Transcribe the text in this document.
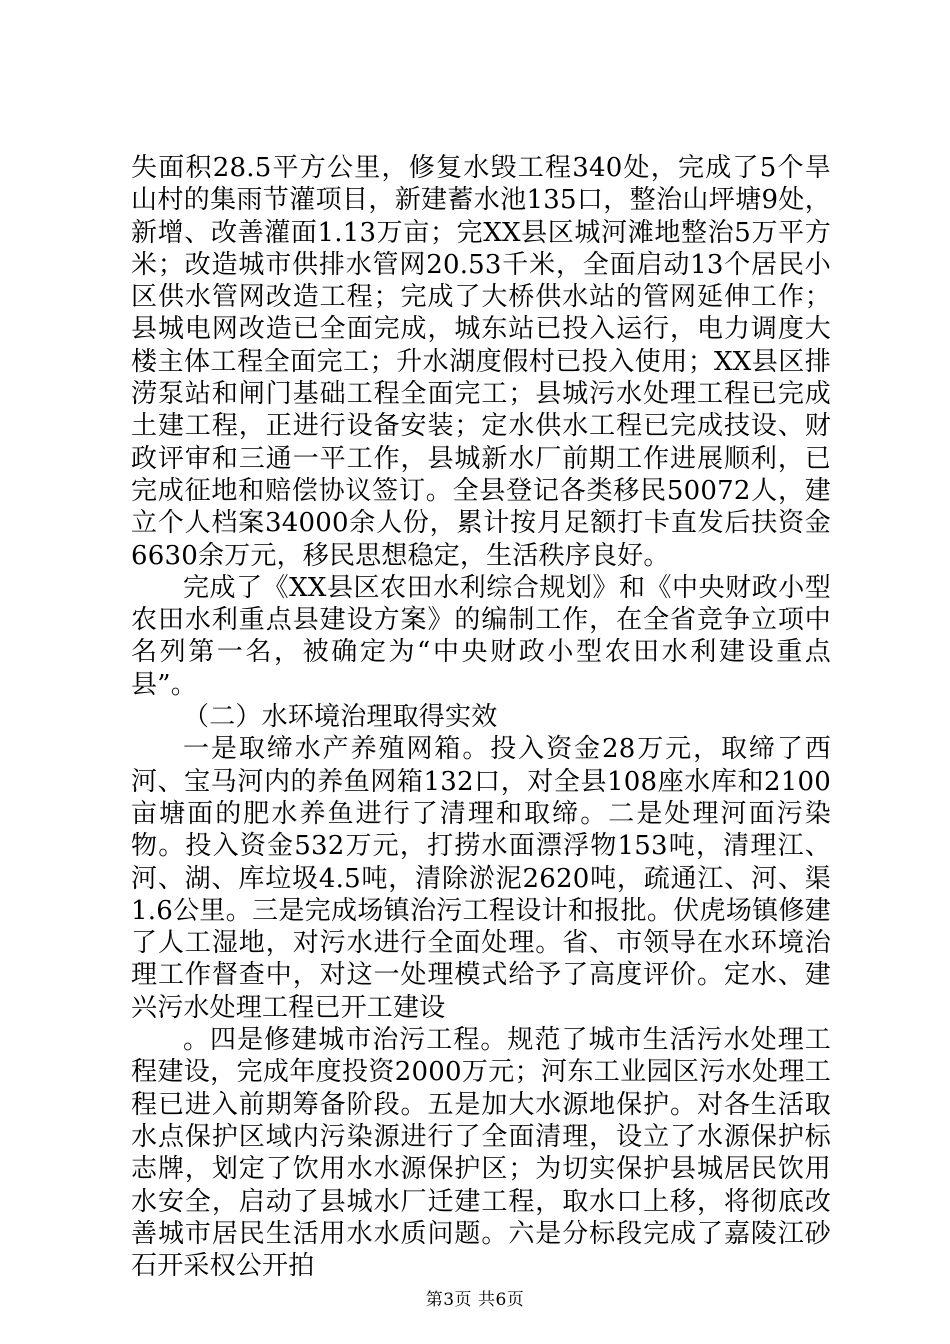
失面积28.5平方公里，修复水毁工程340处，完成了5个旱山村的集雨节灌项目，新建蓄水池135口，整治山坪塘9处，新增、改善灌面1.13万亩；完XX县区城河滩地整治5万平方米；改造城市供排水管网20.53千米，全面启动13个居民小区供水管网改造工程；完成了大桥供水站的管网延伸工作；县城电网改造已全面完成，城东站已投入运行，电力调度大楼主体工程全面完工；升水湖度假村已投入使用；XX县区排涝泵站和闸门基础工程全面完工；县城污水处理工程已完成土建工程，正进行设备安装；定水供水工程已完成技设、财政评审和三通一平工作，县城新水厂前期工作进展顺利，已完成征地和赔偿协议签订。全县登记各类移民50072人，建立个人档案34000余人份，累计按月足额打卡直发后扶资金6630余万元，移民思想稳定，生活秩序良好。

完成了《XX县区农田水利综合规划》和《中央财政小型农田水利重点县建设方案》的编制工作，在全省竞争立项中名列第一名，被确定为“中央财政小型农田水利建设重点县”。

（二）水环境治理取得实效

一是取缔水产养殖网箱。投入资金28万元，取缔了西河、宝马河内的养鱼网箱132口，对全县108座水库和2100亩塘面的肥水养鱼进行了清理和取缔。二是处理河面污染物。投入资金532万元，打捞水面漂浮物153吨，清理江、河、湖、库垃圾4.5吨，清除淤泥2620吨，疏通江、河、渠1.6公里。三是完成场镇治污工程设计和报批。伏虎场镇修建了人工湿地，对污水进行全面处理。省、市领导在水环境治理工作督查中，对这一处理模式给予了高度评价。定水、建兴污水处理工程已开工建设

。四是修建城市治污工程。规范了城市生活污水处理工程建设，完成年度投资2000万元；河东工业园区污水处理工程已进入前期筹备阶段。五是加大水源地保护。对各生活取水点保护区域内污染源进行了全面清理，设立了水源保护标志牌，划定了饮用水水源保护区；为切实保护县城居民饮用水安全，启动了县城水厂迁建工程，取水口上移，将彻底改善城市居民生活用水水质问题。六是分标段完成了嘉陵江砂石开采权公开拍

第3页 共6页
